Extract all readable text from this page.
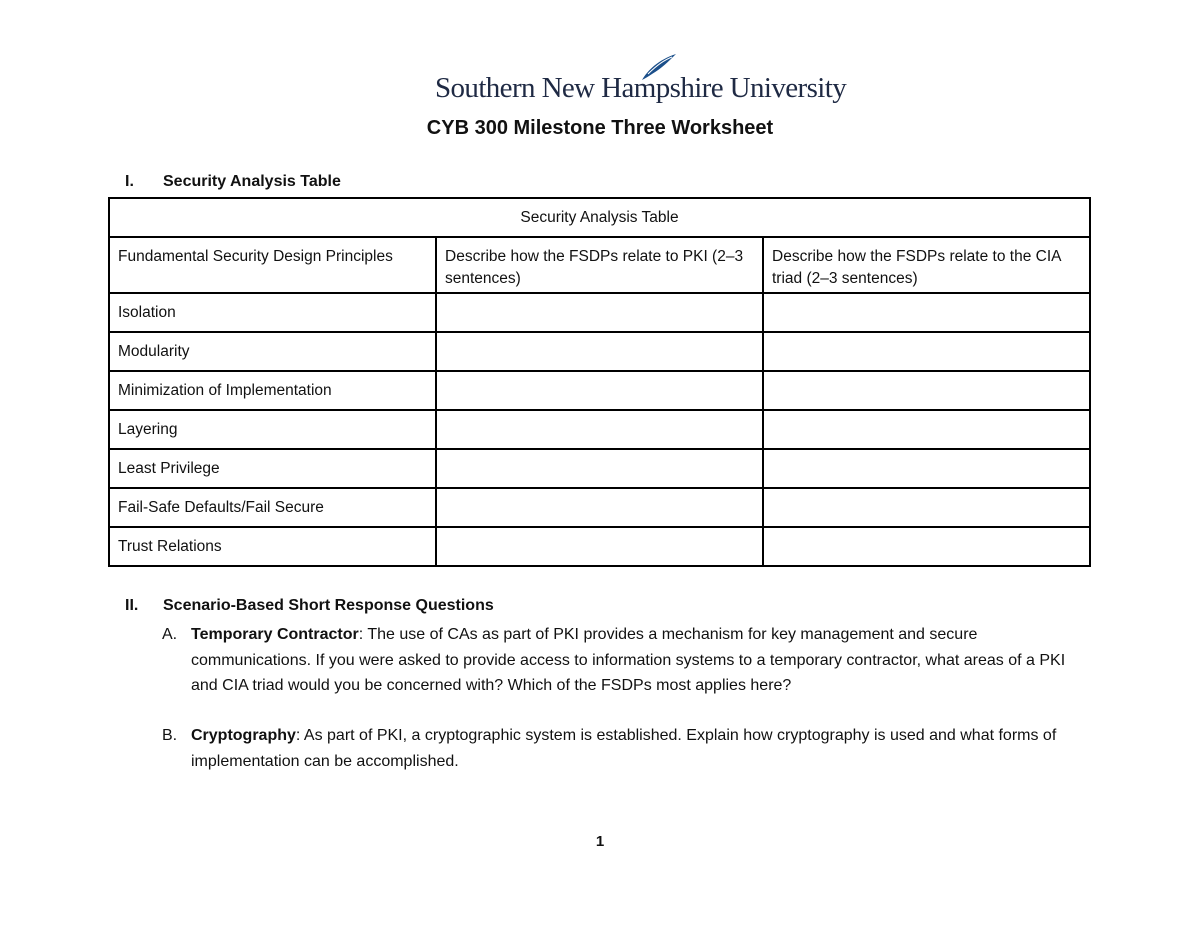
Southern New Hampshire University
CYB 300 Milestone Three Worksheet
I. Security Analysis Table
Security Analysis Table		
Fundamental Security Design Principles	Describe how the FSDPs relate to PKI (2–3 sentences)	Describe how the FSDPs relate to the CIA triad (2–3 sentences)
Isolation		
Modularity		
Minimization of Implementation		
Layering		
Least Privilege		
Fail-Safe Defaults/Fail Secure		
Trust Relations		
II. Scenario-Based Short Response Questions
A. Temporary Contractor: The use of CAs as part of PKI provides a mechanism for key management and secure communications. If you were asked to provide access to information systems to a temporary contractor, what areas of a PKI and CIA triad would you be concerned with? Which of the FSDPs most applies here?
B. Cryptography: As part of PKI, a cryptographic system is established. Explain how cryptography is used and what forms of implementation can be accomplished.
1
